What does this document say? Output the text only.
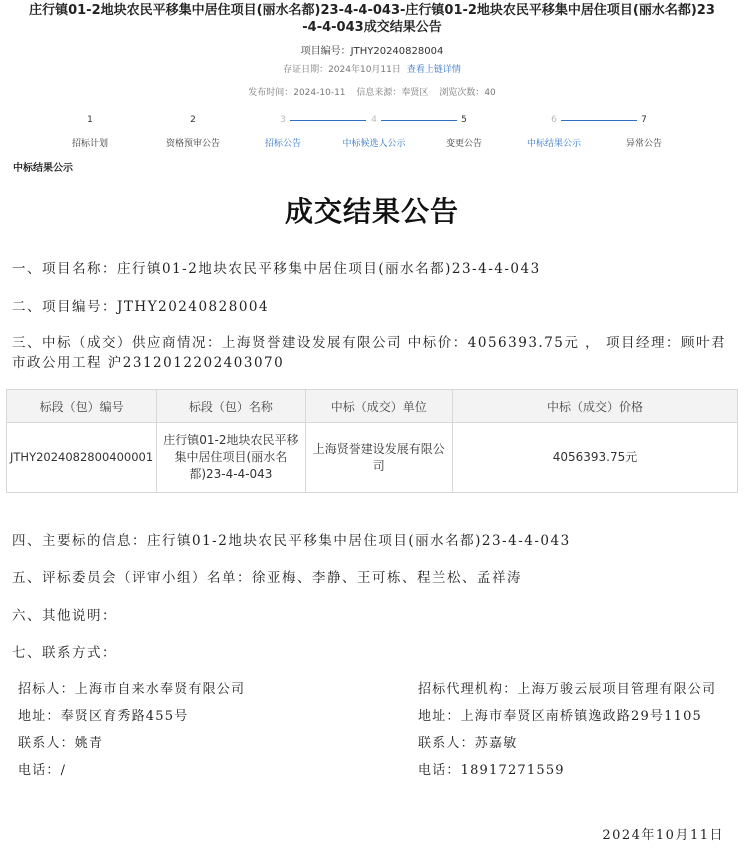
庄行镇01-2地块农民平移集中居住项目(丽水名都)23-4-4-043-庄行镇01-2地块农民平移集中居住项目(丽水名都)23
-4-4-043成交结果公告
项目编号：JTHY20240828004
存证日期：2024年10月11日 查看上链详情
发布时间：2024-10-11 信息来源：奉贤区 浏览次数：40
1
招标计划
2
资格预审公告
3
招标公告
4
中标候选人公示
5
变更公告
6
中标结果公示
7
异常公告
中标结果公示
成交结果公告
一、项目名称：庄行镇01-2地块农民平移集中居住项目(丽水名都)23-4-4-043
二、项目编号：JTHY20240828004
三、中标（成交）供应商情况：上海贤誉建设发展有限公司 中标价：4056393.75元 ， 项目经理：顾叶君 市政公用工程 沪2312012202403070
标段（包）编号	标段（包）名称	中标（成交）单位	中标（成交）价格
JTHY2024082800400001	庄行镇01-2地块农民平移集中居住项目(丽水名都)23-4-4-043	上海贤誉建设发展有限公司	4056393.75元
四、主要标的信息：庄行镇01-2地块农民平移集中居住项目(丽水名都)23-4-4-043
五、评标委员会（评审小组）名单：徐亚梅、李静、王可栋、程兰松、孟祥涛
六、其他说明：
七、联系方式：
招标人：上海市自来水奉贤有限公司
地址：奉贤区育秀路455号
联系人：姚青
电话：/
招标代理机构：上海万骏云辰项目管理有限公司
地址：上海市奉贤区南桥镇逸政路29号1105
联系人：苏嘉敏
电话：18917271559
2024年10月11日
